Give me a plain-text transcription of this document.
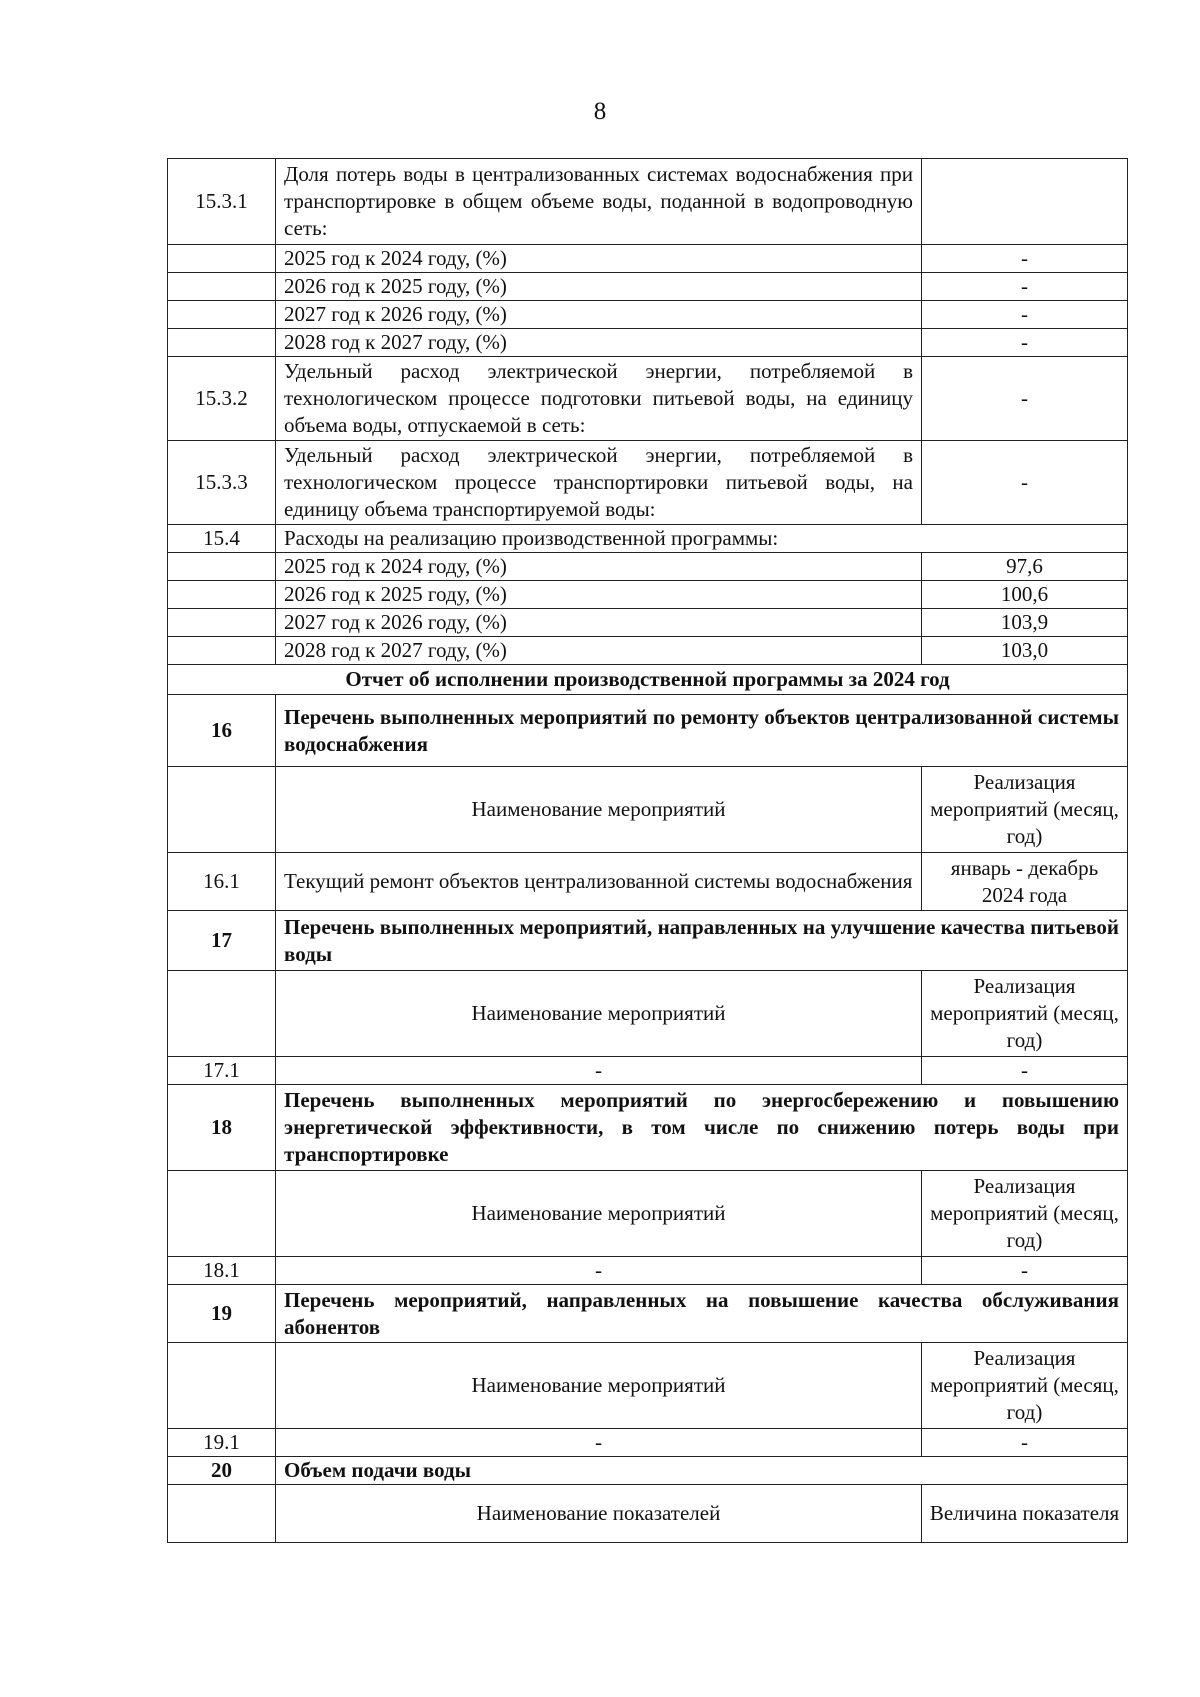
8
15.3.1	Доля потерь воды в централизованных системах водоснабжения при транспортировке в общем объеме воды, поданной в водопроводную сеть:	
	2025 год к 2024 году, (%)	-
	2026 год к 2025 году, (%)	-
	2027 год к 2026 году, (%)	-
	2028 год к 2027 году, (%)	-
15.3.2	Удельный расход электрической энергии, потребляемой в технологическом процессе подготовки питьевой воды, на единицу объема воды, отпускаемой в сеть:	-
15.3.3	Удельный расход электрической энергии, потребляемой в технологическом процессе транспортировки питьевой воды, на единицу объема транспортируемой воды:	-
15.4	Расходы на реализацию производственной программы:	
	2025 год к 2024 году, (%)	97,6
	2026 год к 2025 году, (%)	100,6
	2027 год к 2026 году, (%)	103,9
	2028 год к 2027 году, (%)	103,0
Отчет об исполнении производственной программы за 2024 год		
16	Перечень выполненных мероприятий по ремонту объектов централизованной системы водоснабжения	
	Наименование мероприятий	Реализация мероприятий (месяц, год)
16.1	Текущий ремонт объектов централизованной системы водоснабжения	январь - декабрь 2024 года
17	Перечень выполненных мероприятий, направленных на улучшение качества питьевой воды	
	Наименование мероприятий	Реализация мероприятий (месяц, год)
17.1	-	-
18	Перечень выполненных мероприятий по энергосбережению и повышению энергетической эффективности, в том числе по снижению потерь воды при транспортировке	
	Наименование мероприятий	Реализация мероприятий (месяц, год)
18.1	-	-
19	Перечень мероприятий, направленных на повышение качества обслуживания абонентов	
	Наименование мероприятий	Реализация мероприятий (месяц, год)
19.1	-	-
20	Объем подачи воды	
	Наименование показателей	Величина показателя
